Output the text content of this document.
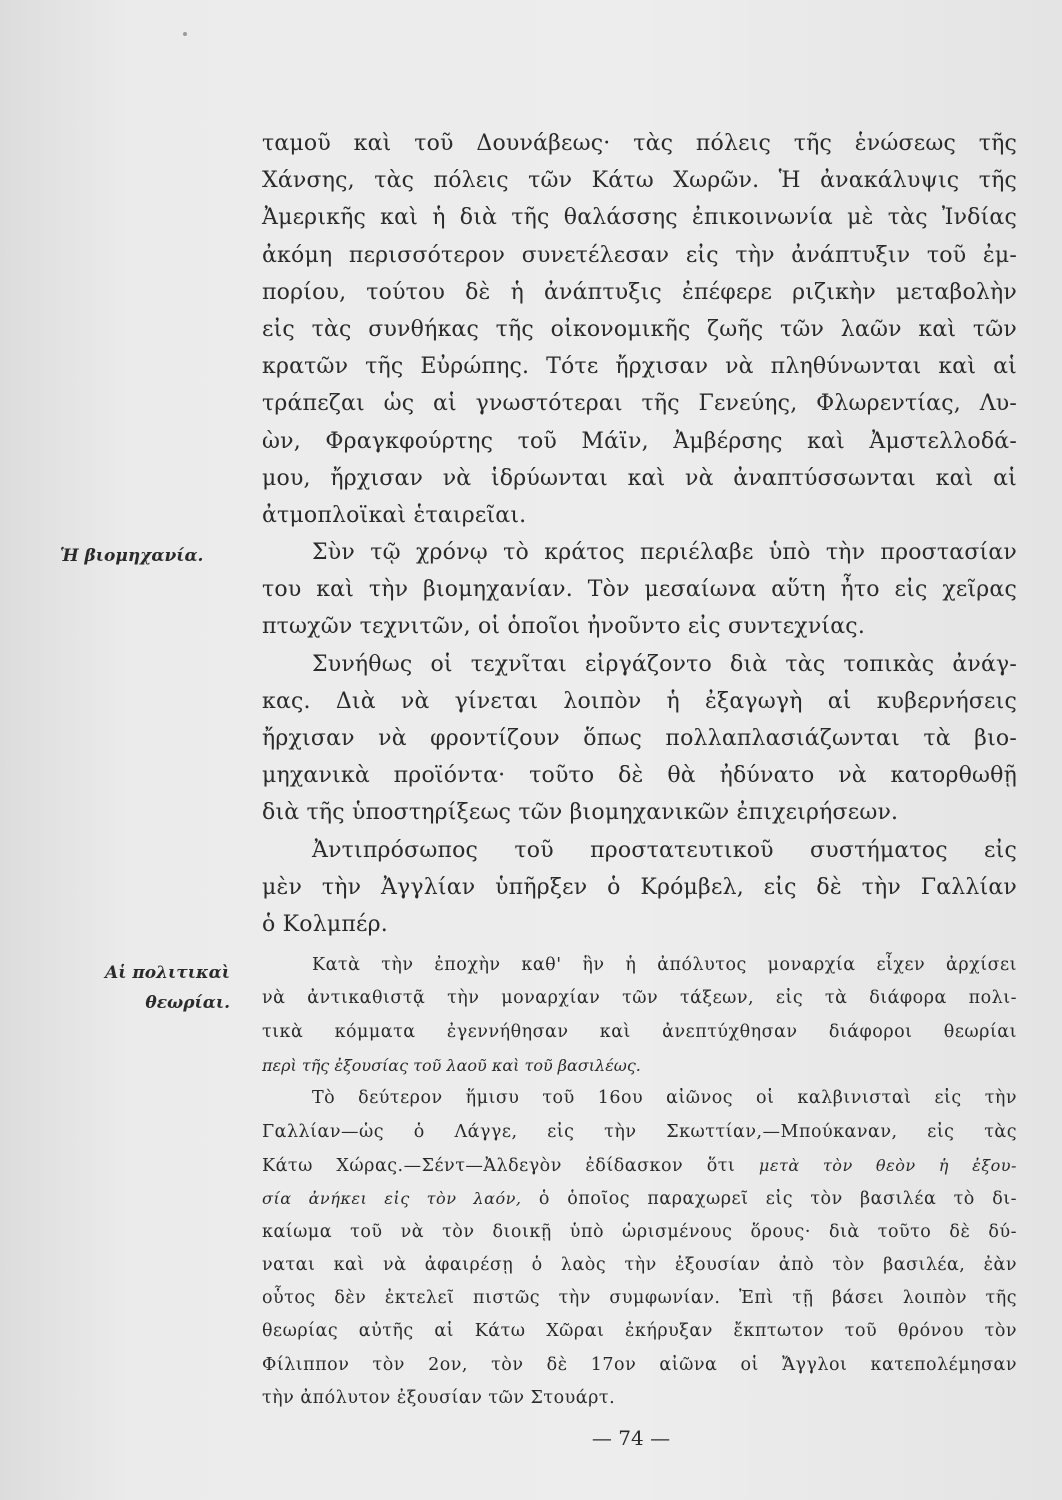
Ἡ βιομηχανία.
Αἱ πολιτικαὶ
θεωρίαι.
ταμοῦ καὶ τοῦ Δουνάβεως· τὰς πόλεις τῆς ἑνώσεως τῆς
Χάνσης, τὰς πόλεις τῶν Κάτω Χωρῶν. Ἡ ἀνακάλυψις τῆς
Ἀμερικῆς καὶ ἡ διὰ τῆς θαλάσσης ἐπικοινωνία μὲ τὰς Ἰνδίας
ἀκόμη περισσότερον συνετέλεσαν εἰς τὴν ἀνάπτυξιν τοῦ ἐμ-
πορίου, τούτου δὲ ἡ ἀνάπτυξις ἐπέφερε ριζικὴν μεταβολὴν
εἰς τὰς συνθήκας τῆς οἰκονομικῆς ζωῆς τῶν λαῶν καὶ τῶν
κρατῶν τῆς Εὐρώπης. Τότε ἤρχισαν νὰ πληθύνωνται καὶ αἱ
τράπεζαι ὡς αἱ γνωστότεραι τῆς Γενεύης, Φλωρεντίας, Λυ-
ὼν, Φραγκφούρτης τοῦ Μάϊν, Ἀμβέρσης καὶ Ἀμστελλοδά-
μου, ἤρχισαν νὰ ἱδρύωνται καὶ νὰ ἀναπτύσσωνται καὶ αἱ
ἀτμοπλοϊκαὶ ἑταιρεῖαι.
Σὺν τῷ χρόνῳ τὸ κράτος περιέλαβε ὑπὸ τὴν προστασίαν
του καὶ τὴν βιομηχανίαν. Τὸν μεσαίωνα αὕτη ἦτο εἰς χεῖρας
πτωχῶν τεχνιτῶν, οἱ ὁποῖοι ἠνοῦντο εἰς συντεχνίας.
Συνήθως οἱ τεχνῖται εἰργάζοντο διὰ τὰς τοπικὰς ἀνάγ-
κας. Διὰ νὰ γίνεται λοιπὸν ἡ ἐξαγωγὴ αἱ κυβερνήσεις
ἤρχισαν νὰ φροντίζουν ὅπως πολλαπλασιάζωνται τὰ βιο-
μηχανικὰ προϊόντα· τοῦτο δὲ θὰ ἠδύνατο νὰ κατορθωθῇ
διὰ τῆς ὑποστηρίξεως τῶν βιομηχανικῶν ἐπιχειρήσεων.
Ἀντιπρόσωπος τοῦ προστατευτικοῦ συστήματος εἰς
μὲν τὴν Ἀγγλίαν ὑπῆρξεν ὁ Κρόμβελ, εἰς δὲ τὴν Γαλλίαν
ὁ Κολμπέρ.
Κατὰ τὴν ἐποχὴν καθ' ἣν ἡ ἀπόλυτος μοναρχία εἶχεν ἀρχίσει
νὰ ἀντικαθιστᾷ τὴν μοναρχίαν τῶν τάξεων, εἰς τὰ διάφορα πολι-
τικὰ κόμματα ἐγεννήθησαν καὶ ἀνεπτύχθησαν διάφοροι θεωρίαι
περὶ τῆς ἐξουσίας τοῦ λαοῦ καὶ τοῦ βασιλέως.
Τὸ δεύτερον ἥμισυ τοῦ 16ου αἰῶνος οἱ καλβινισταὶ εἰς τὴν
Γαλλίαν—ὡς ὁ Λάγγε, εἰς τὴν Σκωττίαν,—Μπούκαναν, εἰς τὰς
Κάτω Χώρας.—Σέντ—Ἀλδεγὸν ἐδίδασκον ὅτι μετὰ τὸν θεὸν ἡ ἐξου-
σία ἀνήκει εἰς τὸν λαόν, ὁ ὁποῖος παραχωρεῖ εἰς τὸν βασιλέα τὸ δι-
καίωμα τοῦ νὰ τὸν διοικῇ ὑπὸ ὡρισμένους ὅρους· διὰ τοῦτο δὲ δύ-
ναται καὶ νὰ ἀφαιρέσῃ ὁ λαὸς τὴν ἐξουσίαν ἀπὸ τὸν βασιλέα, ἐὰν
οὗτος δὲν ἐκτελεῖ πιστῶς τὴν συμφωνίαν. Ἐπὶ τῇ βάσει λοιπὸν τῆς
θεωρίας αὐτῆς αἱ Κάτω Χῶραι ἐκήρυξαν ἔκπτωτον τοῦ θρόνου τὸν
Φίλιππον τὸν 2ον, τὸν δὲ 17ον αἰῶνα οἱ Ἄγγλοι κατεπολέμησαν
τὴν ἀπόλυτον ἐξουσίαν τῶν Στουάρτ.
— 74 —
